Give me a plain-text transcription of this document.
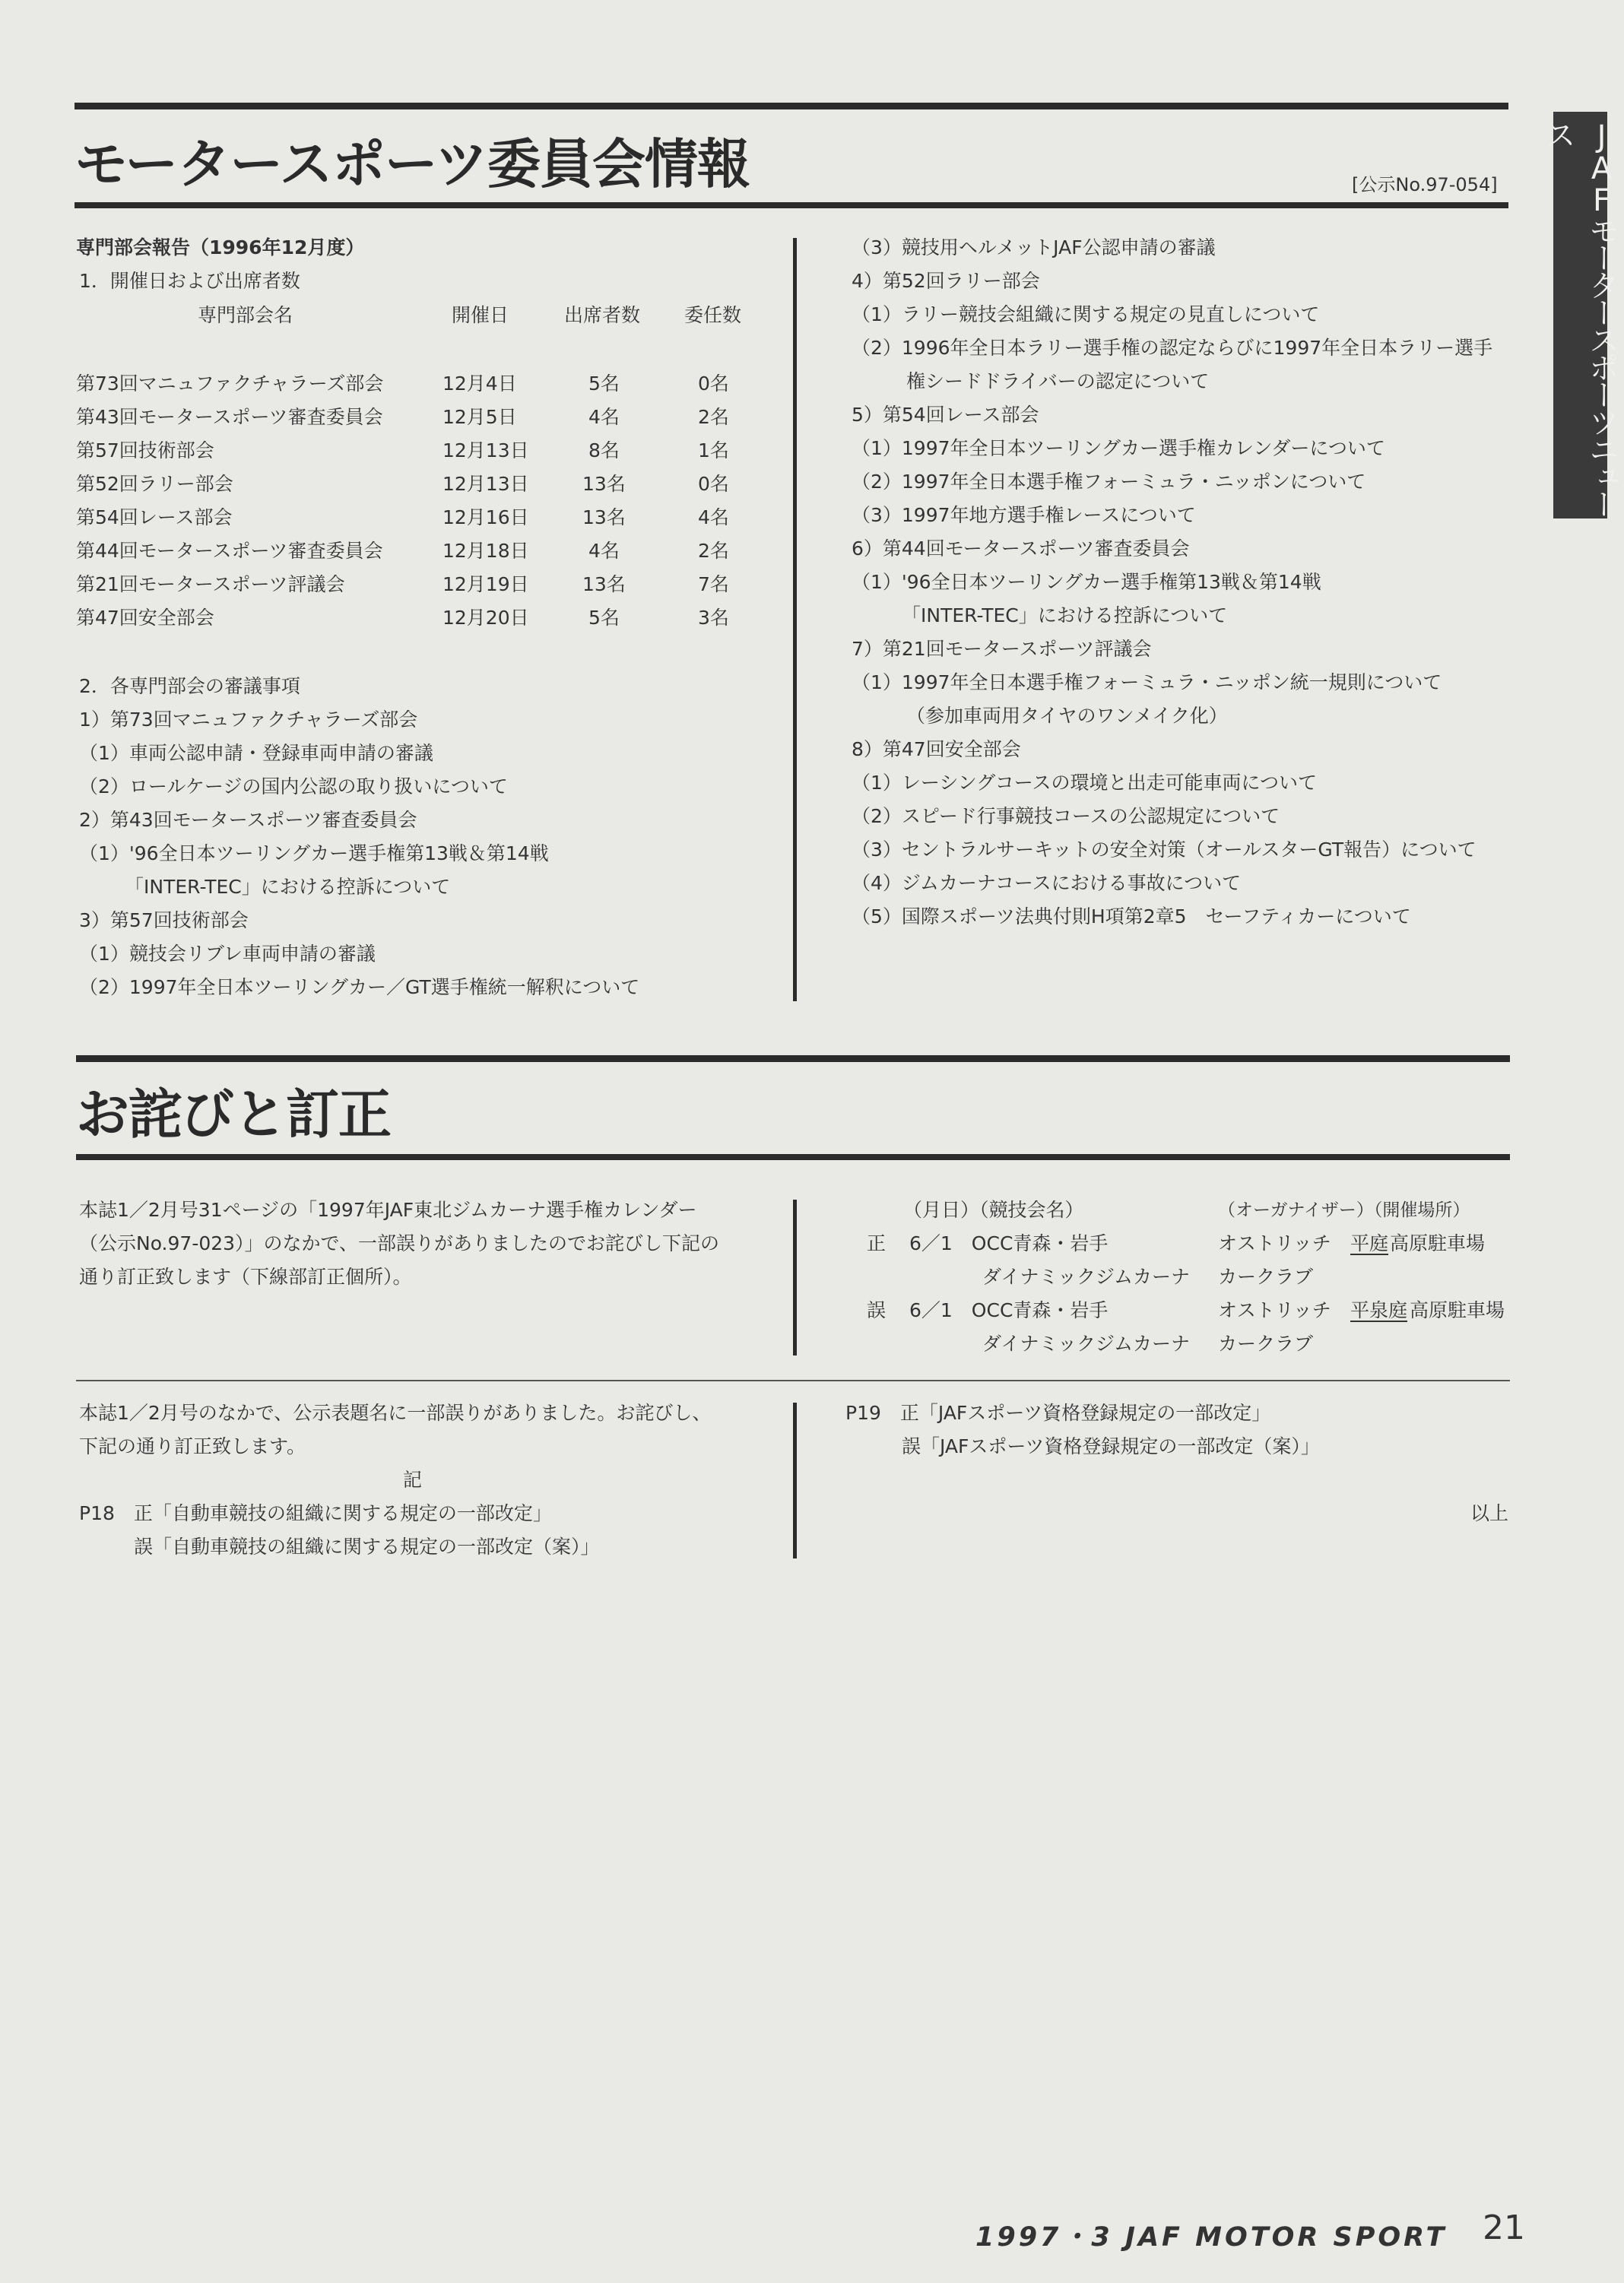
JAFモータースポーツニュース
モータースポーツ委員会情報	[公示No.97-054]
専門部会報告（1996年12月度）
1．開催日および出席者数
専門部会名	開催日	出席者数 委任数
第73回マニュファクチャラーズ部会	12月4日	5名	0名
第43回モータースポーツ審査委員会	12月5日	4名	2名
第57回技術部会	12月13日	8名	1名
第52回ラリー部会	12月13日	13名	0名
第54回レース部会	12月16日	13名	4名
第44回モータースポーツ審査委員会	12月18日	4名	2名
第21回モータースポーツ評議会	12月19日	13名	7名
第47回安全部会	12月20日	5名	3名
2．各専門部会の審議事項
1）第73回マニュファクチャラーズ部会
（1）車両公認申請・登録車両申請の審議
（2）ロールケージの国内公認の取り扱いについて
2）第43回モータースポーツ審査委員会
（1）'96全日本ツーリングカー選手権第13戦＆第14戦
「INTER-TEC」における控訴について
3）第57回技術部会
（1）競技会リブレ車両申請の審議
（2）1997年全日本ツーリングカー／GT選手権統一解釈について
（3）競技用ヘルメットJAF公認申請の審議
4）第52回ラリー部会
（1）ラリー競技会組織に関する規定の見直しについて
（2）1996年全日本ラリー選手権の認定ならびに1997年全日本ラリー選手
権シードドライバーの認定について
5）第54回レース部会
（1）1997年全日本ツーリングカー選手権カレンダーについて
（2）1997年全日本選手権フォーミュラ・ニッポンについて
（3）1997年地方選手権レースについて
6）第44回モータースポーツ審査委員会
（1）'96全日本ツーリングカー選手権第13戦＆第14戦
「INTER-TEC」における控訴について
7）第21回モータースポーツ評議会
（1）1997年全日本選手権フォーミュラ・ニッポン統一規則について
（参加車両用タイヤのワンメイク化）
8）第47回安全部会
（1）レーシングコースの環境と出走可能車両について
（2）スピード行事競技コースの公認規定について
（3）セントラルサーキットの安全対策（オールスターGT報告）について
（4）ジムカーナコースにおける事故について
（5）国際スポーツ法典付則H項第2章5　セーフティカーについて
お詫びと訂正
本誌1／2月号31ページの「1997年JAF東北ジムカーナ選手権カレンダー
（公示No.97-023）」のなかで、一部誤りがありましたのでお詫びし下記の
通り訂正致します（下線部訂正個所）。
（月日）（競技会名）	（オーガナイザー）（開催場所）
正 6／1　OCC青森・岩手	オストリッチ 平庭 高原駐車場
ダイナミックジムカーナ カークラブ
誤 6／1　OCC青森・岩手	オストリッチ 平泉庭 高原駐車場
ダイナミックジムカーナ カークラブ
本誌1／2月号のなかで、公示表題名に一部誤りがありました。お詫びし、
下記の通り訂正致します。
記
P18　正「自動車競技の組織に関する規定の一部改定」
誤「自動車競技の組織に関する規定の一部改定（案）」
P19　正「JAFスポーツ資格登録規定の一部改定」
誤「JAFスポーツ資格登録規定の一部改定（案）」
以上
1997・3 JAF MOTOR SPORT 21
